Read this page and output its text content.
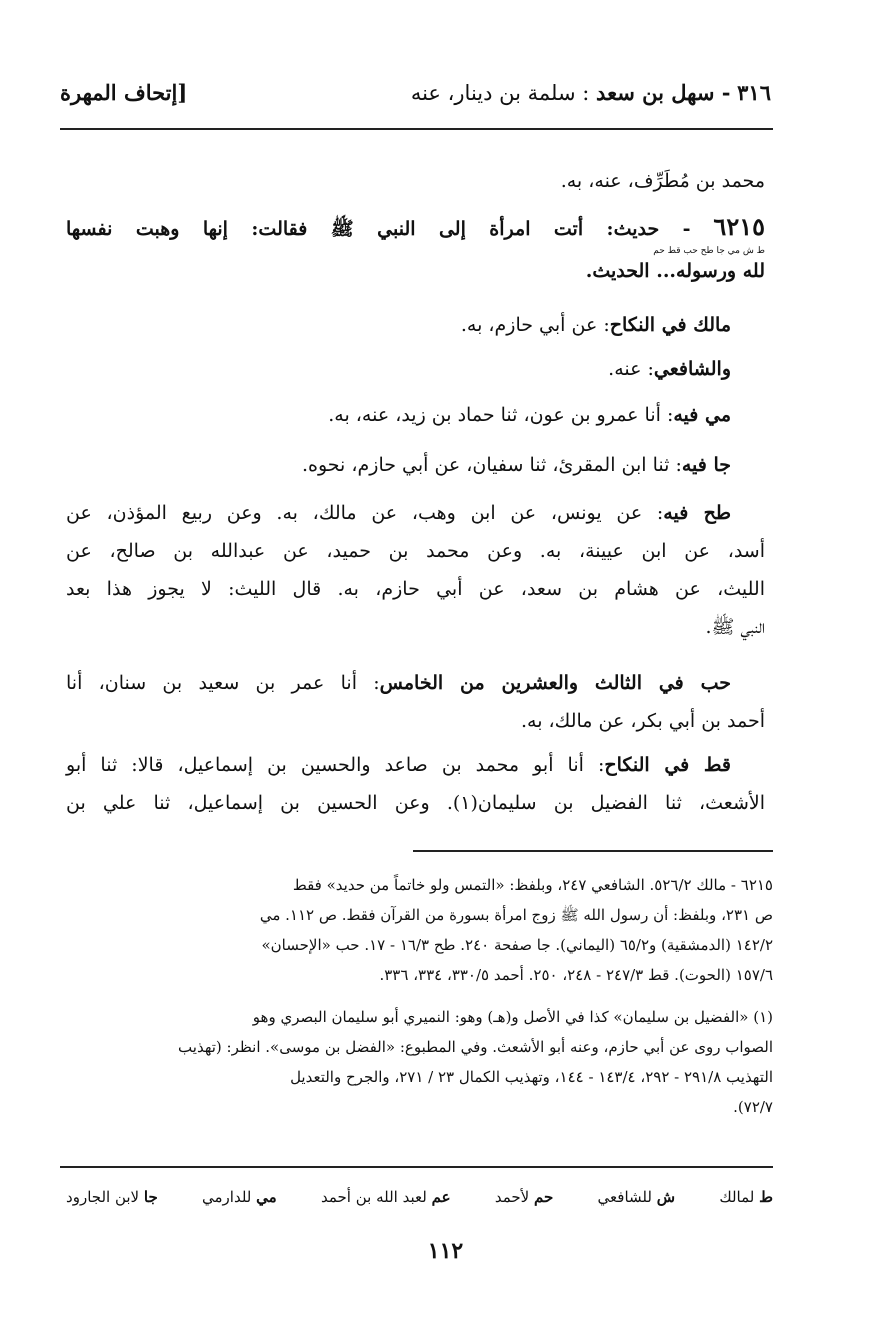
٣١٦ - سهل بن سعد : سلمة بن دينار، عنه
[إتحاف المهرة
محمد بن مُطَرِّف، عنه، به.
٦٢١٥ - حديث: أتت امرأة إلى النبي ﷺ فقالت: إنها وهبت نفسها
ط ش مي جا طح حب قط حم
لله ورسوله... الحديث.
مالك في النكاح: عن أبي حازم، به.
والشافعي: عنه.
مي فيه: أنا عمرو بن عون، ثنا حماد بن زيد، عنه، به.
جا فيه: ثنا ابن المقرئ، ثنا سفيان، عن أبي حازم، نحوه.
طح فيه: عن يونس، عن ابن وهب، عن مالك، به. وعن ربيع المؤذن، عن
أسد، عن ابن عيينة، به. وعن محمد بن حميد، عن عبدالله بن صالح، عن
الليث، عن هشام بن سعد، عن أبي حازم، به. قال الليث: لا يجوز هذا بعد
النبي ﷺ.
حب في الثالث والعشرين من الخامس: أنا عمر بن سعيد بن سنان، أنا
أحمد بن أبي بكر، عن مالك، به.
قط في النكاح: أنا أبو محمد بن صاعد والحسين بن إسماعيل، قالا: ثنا أبو
الأشعث، ثنا الفضيل بن سليمان(١). وعن الحسين بن إسماعيل، ثنا علي بن
٦٢١٥ - مالك ٥٢٦/٢. الشافعي ٢٤٧، وبلفظ: «التمس ولو خاتماً من حديد» فقط
ص ٢٣١، وبلفظ: أن رسول الله ﷺ زوج امرأة بسورة من القرآن فقط. ص ١١٢. مي
١٤٢/٢ (الدمشقية) و٦٥/٢ (اليماني). جا صفحة ٢٤٠. طح ١٦/٣ - ١٧. حب «الإحسان»
١٥٧/٦ (الحوت). قط ٢٤٧/٣ - ٢٤٨، ٢٥٠. أحمد ٣٣٠/٥، ٣٣٤، ٣٣٦.
(١) «الفضيل بن سليمان» كذا في الأصل و(هـ) وهو: النميري أبو سليمان البصري وهو
الصواب روى عن أبي حازم، وعنه أبو الأشعث. وفي المطبوع: «الفضل بن موسى». انظر: (تهذيب
التهذيب ٢٩١/٨ - ٢٩٢، ١٤٣/٤ - ١٤٤، وتهذيب الكمال ٢٣ / ٢٧١، والجرح والتعديل
٧٢/٧).
ط لمالك
ش للشافعي
حم لأحمد
عم لعبد الله بن أحمد
مي للدارمي
جا لابن الجارود
١١٢
